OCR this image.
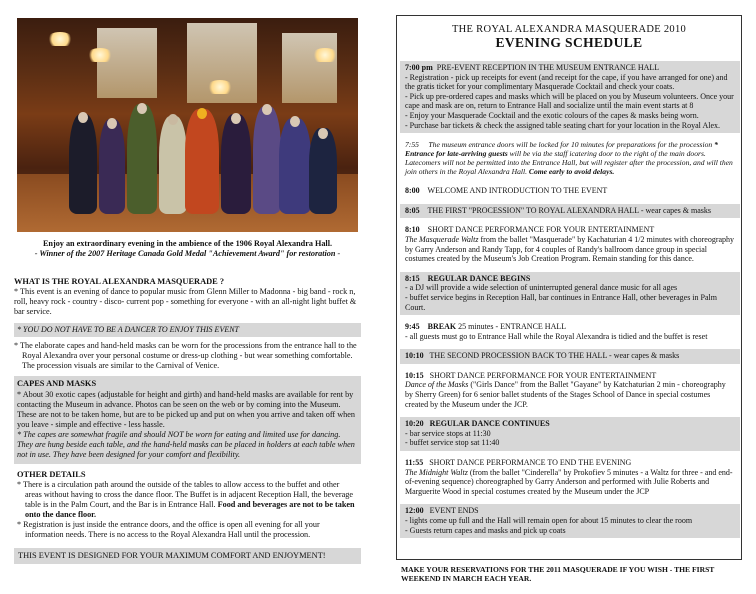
Enjoy an extraordinary evening in the ambience of the 1906 Royal Alexandra Hall.
- Winner of the 2007 Heritage Canada Gold Medal "Achievement Award" for restoration -
WHAT IS THE ROYAL ALEXANDRA MASQUERADE ?
* This event is an evening of dance to popular music from Glenn Miller to Madonna - big band - rock n, roll, heavy rock - country - disco- current pop - something for everyone - with an all-night light buffet & bar service.
* YOU DO NOT HAVE TO BE A DANCER TO ENJOY THIS EVENT
* The elaborate capes and hand-held masks can be worn for the processions from the entrance hall to the Royal Alexandra over your personal costume or dress-up clothing - but wear something comfortable. The procession visuals are similar to the Carnival of Venice.
CAPES AND MASKS
* About 30 exotic capes (adjustable for height and girth) and hand-held masks are available for rent by contacting the Museum in advance. Photos can be seen on the web or by coming into the Museum. These are not to be taken home, but are to be picked up and put on when you arrive and taken off when you leave - simple and effective - less hassle.
* The capes are somewhat fragile and should NOT be worn for eating and limited use for dancing. They are hung beside each table, and the hand-held masks can be placed in holders at each table when not in use. They have been designed for your comfort and flexibility.
OTHER DETAILS
* There is a circulation path around the outside of the tables to allow access to the buffet and other areas without having to cross the dance floor. The Buffet is in adjacent Reception Hall, the beverage table is in the Palm Court, and the Bar is in Entrance Hall. Food and beverages are not to be taken onto the dance floor.
* Registration is just inside the entrance doors, and the office is open all evening for all your information needs. There is no access to the Royal Alexandra Hall until the procession.
THIS EVENT IS DESIGNED FOR YOUR MAXIMUM COMFORT AND ENJOYMENT!
THE ROYAL ALEXANDRA MASQUERADE 2010
EVENING SCHEDULE
7:00 pm PRE-EVENT RECEPTION IN THE MUSEUM ENTRANCE HALL
- Registration - pick up receipts for event (and receipt for the cape, if you have arranged for one) and the gratis ticket for your complimentary Masquerade Cocktail and check your coats.
- Pick up pre-ordered capes and masks which will be placed on you by Museum volunteers. Once your cape and mask are on, return to Entrance Hall and socialize until the main event starts at 8
- Enjoy your Masquerade Cocktail and the exotic colours of the capes & masks being worn.
- Purchase bar tickets & check the assigned table seating chart for your location in the Royal Alex.
7:55 The museum entrance doors will be locked for 10 minutes for preparations for the procession * Entrance for late-arriving guests will be via the staff icatering door to the right of the main doors. Latecomers will not be permitted into the Entrance Hall, but will register after the procession, and will then join others in the Royal Alexandra Hall. Come early to avoid delays.
8:00 WELCOME AND INTRODUCTION TO THE EVENT
8:05 THE FIRST "PROCESSION" TO ROYAL ALEXANDRA HALL - wear capes & masks
8:10 SHORT DANCE PERFORMANCE FOR YOUR ENTERTAINMENT
The Masquerade Waltz from the ballet "Masquerade" by Kachaturian 4 1/2 minutes with choreography by Garry Anderson and Randy Tapp, for 4 couples of Randy's ballroom dance group in special costumes created by the Museum's Job Creation Program. Remain standing for this dance.
8:15 REGULAR DANCE BEGINS
- a DJ will provide a wide selection of uninterrupted general dance music for all ages
- buffet service begins in Reception Hall, bar continues in Entrance Hall, other beverages in Palm Court.
9:45 BREAK 25 minutes - ENTRANCE HALL
- all guests must go to Entrance Hall while the Royal Alexandra is tidied and the buffet is reset
10:10 THE SECOND PROCESSION BACK TO THE HALL - wear capes & masks
10:15 SHORT DANCE PERFORMANCE FOR YOUR ENTERTAINMENT
Dance of the Masks ("Girls Dance" from the Ballet "Gayane" by Katchaturian 2 min - choreography by Sherry Green) for 6 senior ballet students of the Stages School of Dance in special costumes created by the Museum under the JCP.
10:20 REGULAR DANCE CONTINUES
- bar service stops at 11:30
- buffet service stop sat 11:40
11:55 SHORT DANCE PERFORMANCE TO END THE EVENING
The Midnight Waltz (from the ballet "Cinderella" by Prokofiev 5 minutes - a Waltz for three - and end-of-evening sequence) choreographed by Garry Anderson and performed with Julie Roberts and Marguerite Wood in special costumes created by the Museum under the JCP
12:00 EVENT ENDS
- lights come up full and the Hall will remain open for about 15 minutes to clear the room
- Guests return capes and masks and pick up coats
MAKE YOUR RESERVATIONS FOR THE 2011 MASQUERADE IF YOU WISH - THE FIRST WEEKEND IN MARCH EACH YEAR.
